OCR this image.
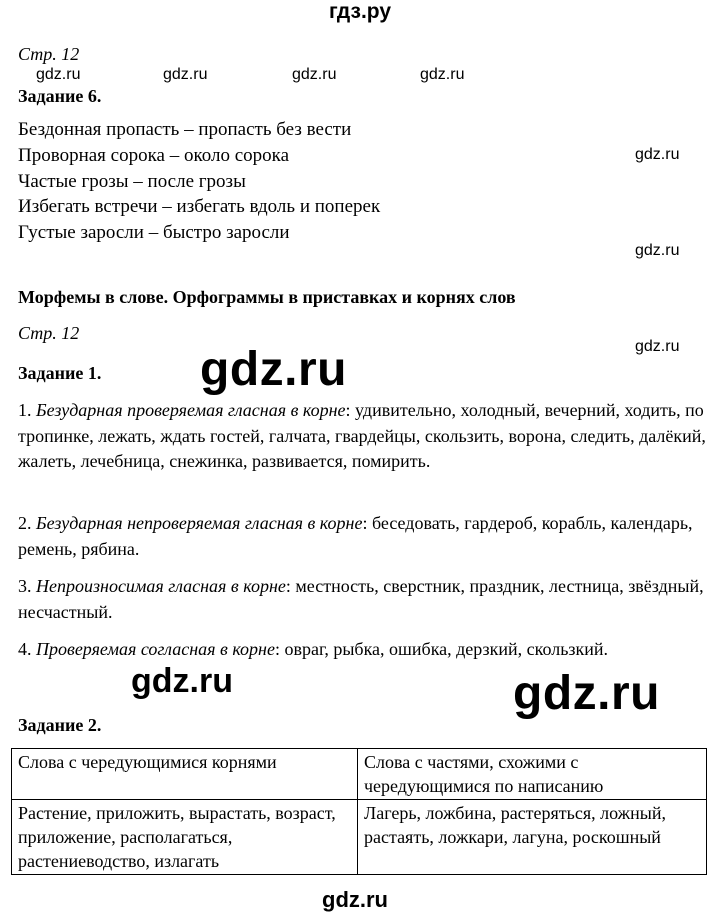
гдз.ру
gdz.ru	gdz.ru	gdz.ru	gdz.ru
gdz.ru
gdz.ru
gdz.ru
Стр. 12
Задание 6.
Бездонная пропасть – пропасть без вести
Проворная сорока – около сорока
Частые грозы – после грозы
Избегать встречи – избегать вдоль и поперек
Густые заросли – быстро заросли
Морфемы в слове. Орфограммы в приставках и корнях слов
Стр. 12
Задание 1. gdz.ru
1. Безударная проверяемая гласная в корне: удивительно, холодный, вечерний, ходить, по тропинке, лежать, ждать гостей, галчата, гвардейцы, скользить, ворона, следить, далёкий, жалеть, лечебница, снежинка, развивается, помирить.
2. Безударная непроверяемая гласная в корне: беседовать, гардероб, корабль, календарь, ремень, рябина.
3. Непроизносимая гласная в корне: местность, сверстник, праздник, лестница, звёздный, несчастный.
4. Проверяемая согласная в корне: овраг, рыбка, ошибка, дерзкий, скользкий.
gdz.ru	gdz.ru
Задание 2.
Слова с чередующимися корнями	Слова с частями, схожими с чередующимися по написанию
Растение, приложить, вырастать, возраст, приложение, располагаться, растениеводство, излагать	Лагерь, ложбина, растеряться, ложный, растаять, ложкари, лагуна, роскошный
gdz.ru
